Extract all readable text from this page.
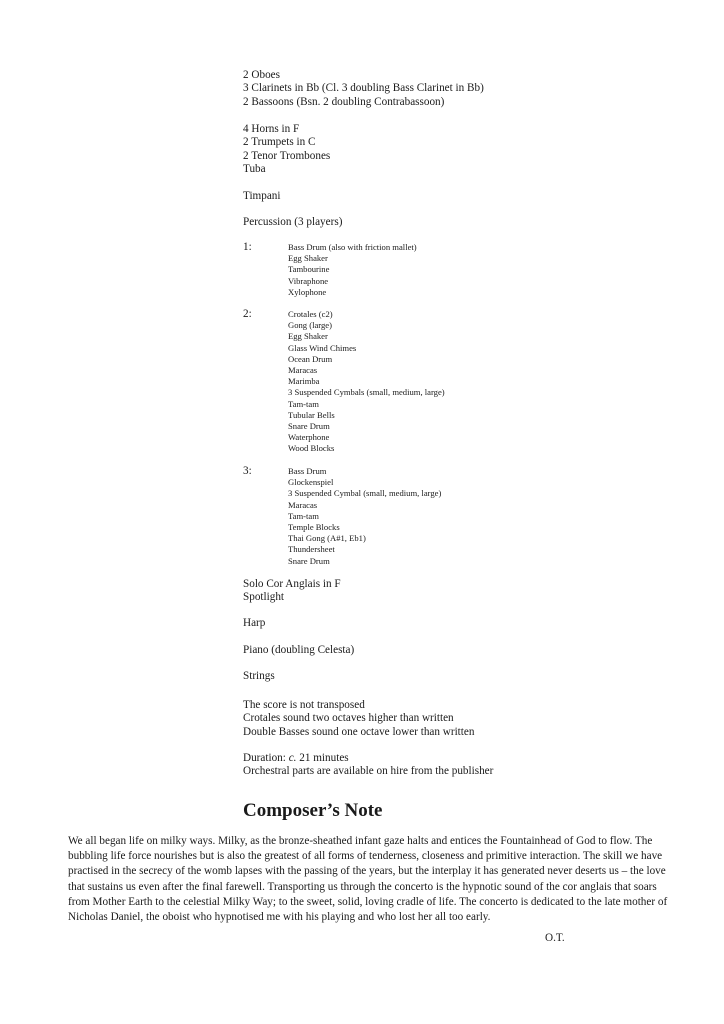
2 Oboes
3 Clarinets in Bb (Cl. 3 doubling Bass Clarinet in Bb)
2 Bassoons (Bsn. 2 doubling Contrabassoon)
4 Horns in F
2 Trumpets in C
2 Tenor Trombones
Tuba
Timpani
Percussion (3 players)
1:	Bass Drum (also with friction mallet)
Egg Shaker
Tambourine
Vibraphone
Xylophone
2:	Crotales (c2)
Gong (large)
Egg Shaker
Glass Wind Chimes
Ocean Drum
Maracas
Marimba
3 Suspended Cymbals (small, medium, large)
Tam-tam
Tubular Bells
Snare Drum
Waterphone
Wood Blocks
3:	Bass Drum
Glockenspiel
3 Suspended Cymbal (small, medium, large)
Maracas
Tam-tam
Temple Blocks
Thai Gong (A#1, Eb1)
Thundersheet
Snare Drum
Solo Cor Anglais in F
Spotlight
Harp
Piano (doubling Celesta)
Strings
The score is not transposed
Crotales sound two octaves higher than written
Double Basses sound one octave lower than written
Duration: c. 21 minutes
Orchestral parts are available on hire from the publisher
Composer’s Note
We all began life on milky ways. Milky, as the bronze-sheathed infant gaze halts and entices the Fountainhead of God to flow. The bubbling life force nourishes but is also the greatest of all forms of tenderness, closeness and primitive interaction. The skill we have practised in the secrecy of the womb lapses with the passing of the years, but the interplay it has generated never deserts us – the love that sustains us even after the final farewell. Transporting us through the concerto is the hypnotic sound of the cor anglais that soars from Mother Earth to the celestial Milky Way; to the sweet, solid, loving cradle of life. The concerto is dedicated to the late mother of Nicholas Daniel, the oboist who hypnotised me with his playing and who lost her all too early.
O.T.
